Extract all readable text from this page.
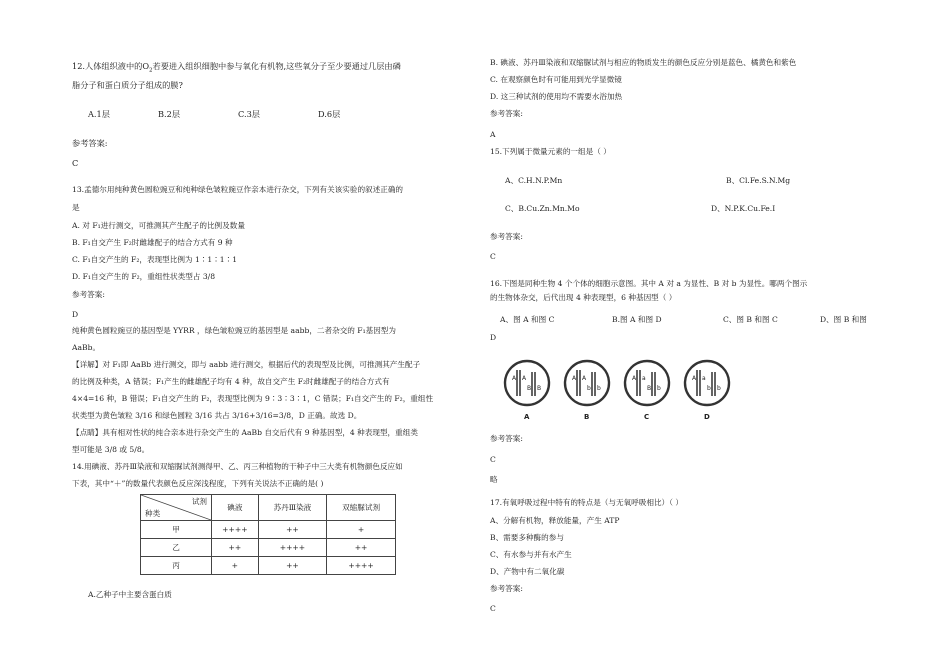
12.人体组织液中的$O_2$若要进入组织细胞中参与氧化有机物,这些氧分子至少要通过几层由磷
脂分子和蛋白质分子组成的膜?
A.1层	B.2层	C.3层	D.6层
参考答案:
C
13.孟德尔用纯种黄色圆粒豌豆和纯种绿色皱粒豌豆作亲本进行杂交，下列有关该实验的叙述正确的
是
A. 对 F₁进行测交，可推测其产生配子的比例及数量
B. F₁自交产生 F₂时雌雄配子的结合方式有 9 种
C. F₁自交产生的 F₂，表现型比例为 1∶1∶1∶1
D. F₁自交产生的 F₂，重组性状类型占 3/8
参考答案:
D
纯种黄色圆粒豌豆的基因型是 YYRR ，绿色皱粒豌豆的基因型是 aabb，二者杂交的 F₁基因型为
AaBb。
【详解】对 F₁即 AaBb 进行测交，即与 aabb 进行测交，根据后代的表现型及比例，可推测其产生配子
的比例及种类，A 错误；F₁产生的雌雄配子均有 4 种，故自交产生 F₂时雌雄配子的结合方式有
4×4=16 种，B 错误；F₁自交产生的 F₂，表现型比例为 9∶3∶3∶1，C 错误；F₁自交产生的 F₂，重组性
状类型为黄色皱粒 3/16 和绿色圆粒 3/16 共占 3/16+3/16=3/8，D 正确。故选 D。
【点睛】具有相对性状的纯合亲本进行杂交产生的 AaBb 自交后代有 9 种基因型，4 种表现型，重组类
型可能是 3/8 或 5/8。
14.用碘液、苏丹Ⅲ染液和双缩脲试剂测得甲、乙、丙三种植物的干种子中三大类有机物颜色反应如
下表，其中“＋”的数量代表颜色反应深浅程度，下列有关说法不正确的是( )
试剂
种类	碘液	苏丹Ⅲ染液	双缩脲试剂
甲	++++	++	+
乙	++	++++	++
丙	+	++	++++
A.乙种子中主要含蛋白质
B. 碘液、苏丹Ⅲ染液和双缩脲试剂与相应的物质发生的颜色反应分别是蓝色、橘黄色和紫色
C. 在观察颜色时有可能用到光学显微镜
D. 这三种试剂的使用均不需要水浴加热
参考答案:
A
15.下列属于微量元素的一组是（ ）
A、C.H.N.P.Mn	B、Cl.Fe.S.N.Mg
C、B.Cu.Zn.Mn.Mo	D、N.P.K.Cu.Fe.I
参考答案:
C
16.下图是同种生物 4 个个体的细胞示意图。其中 A 对 a 为显性、B 对 b 为显性。哪两个图示
的生物体杂交，后代出现 4 种表现型，6 种基因型（ ）
A、图 A 和图 C	B.图 A 和图 D	C、图 B 和图 C	D、图 B 和图
D
A A
B B
A
A A
b b
B
A a
B b
C
A a
b b
D
参考答案:
C
略
17.有氧呼吸过程中特有的特点是（与无氧呼吸相比）（ ）
A、分解有机物，释放能量，产生 ATP
B、需要多种酶的参与
C、有水参与并有水产生
D、产物中有二氧化碳
参考答案:
C
